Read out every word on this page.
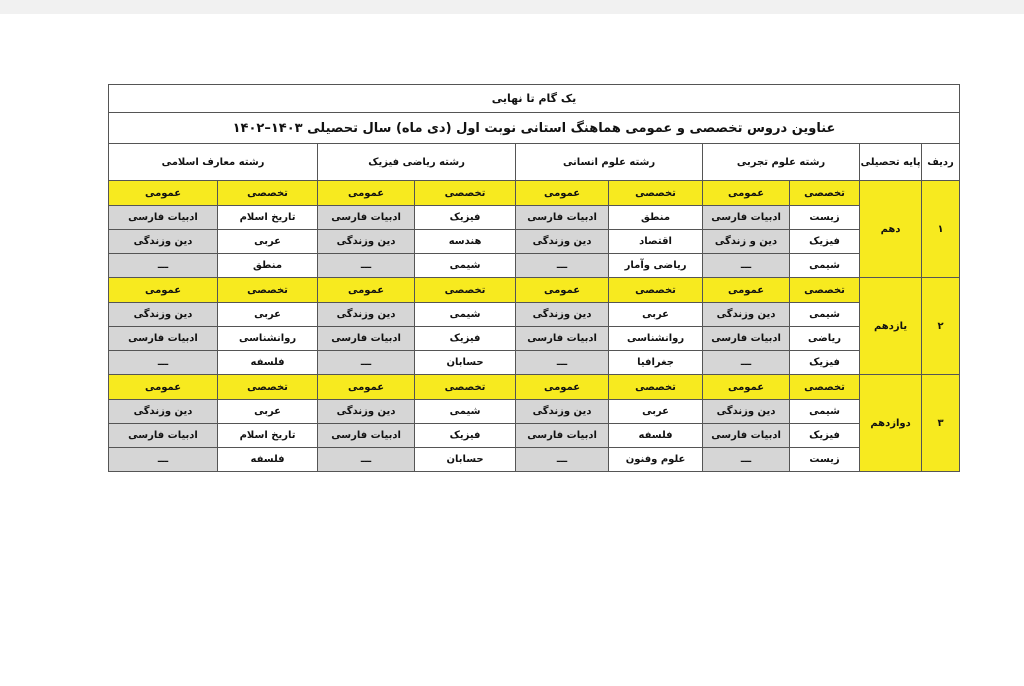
یک گام تا نهایی									
عناوین دروس تخصصی و عمومی هماهنگ استانی نوبت اول (دی ماه) سال تحصیلی ۱۴۰۳–۱۴۰۲									
ردیف	پایه تحصیلی	رشته علوم تجربی		رشته علوم انسانی		رشته ریاضی فیزیک		رشته معارف اسلامی	
۱	دهم	تخصصی	عمومی	تخصصی	عمومی	تخصصی	عمومی	تخصصی	عمومی
		زیست	ادبیات فارسی	منطق	ادبیات فارسی	فیزیک	ادبیات فارسی	تاریخ اسلام	ادبیات فارسی
		فیزیک	دین و زندگی	اقتصاد	دین وزندگی	هندسه	دین وزندگی	عربی	دین وزندگی
		شیمی	ـــ	ریاضی وآمار	ـــ	شیمی	ـــ	منطق	ـــ
۲	یازدهم	تخصصی	عمومی	تخصصی	عمومی	تخصصی	عمومی	تخصصی	عمومی
		شیمی	دین وزندگی	عربی	دین وزندگی	شیمی	دین وزندگی	عربی	دین وزندگی
		ریاضی	ادبیات فارسی	روانشناسی	ادبیات فارسی	فیزیک	ادبیات فارسی	روانشناسی	ادبیات فارسی
		فیزیک	ـــ	جغرافیا	ـــ	حسابان	ـــ	فلسفه	ـــ
۳	دوازدهم	تخصصی	عمومی	تخصصی	عمومی	تخصصی	عمومی	تخصصی	عمومی
		شیمی	دین وزندگی	عربی	دین وزندگی	شیمی	دین وزندگی	عربی	دین وزندگی
		فیزیک	ادبیات فارسی	فلسفه	ادبیات فارسی	فیزیک	ادبیات فارسی	تاریخ اسلام	ادبیات فارسی
		زیست	ـــ	علوم وفنون	ـــ	حسابان	ـــ	فلسفه	ـــ
